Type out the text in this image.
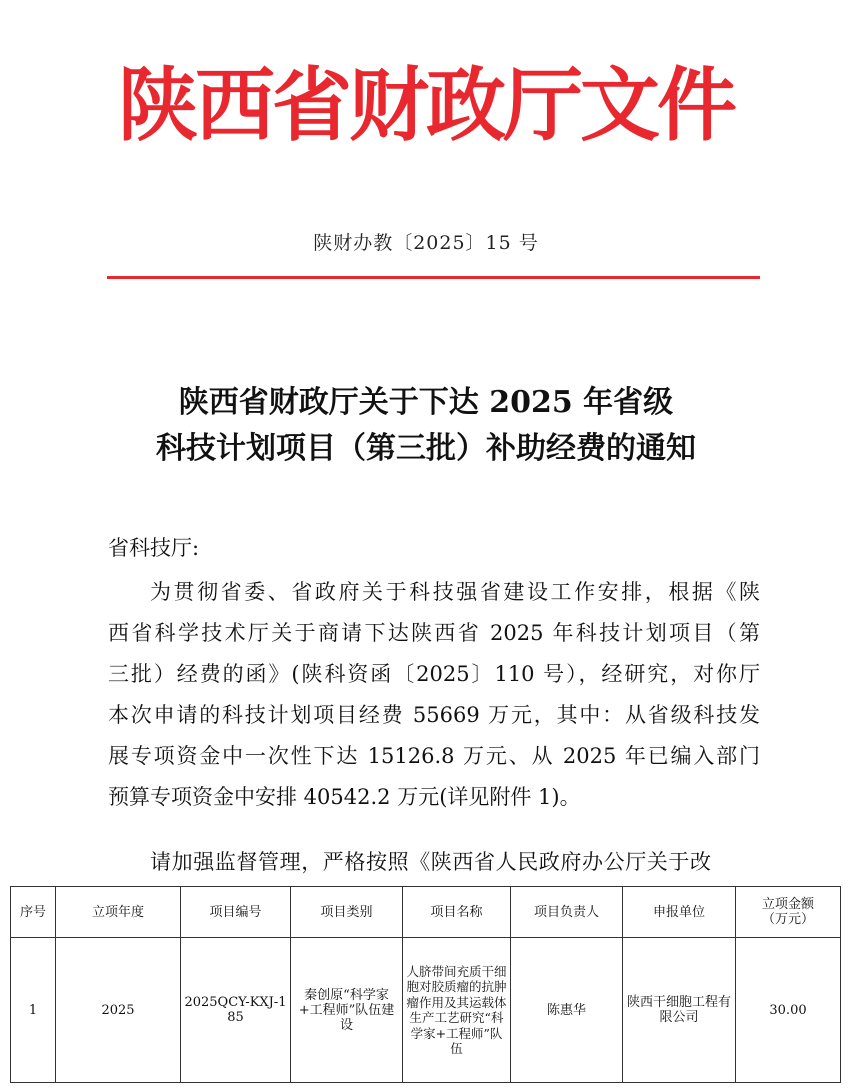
陕西省财政厅文件
陕财办教〔2025〕15 号
陕西省财政厅关于下达 2025 年省级
科技计划项目（第三批）补助经费的通知
省科技厅:
为贯彻省委、省政府关于科技强省建设工作安排，根据《陕
西省科学技术厅关于商请下达陕西省 2025 年科技计划项目（第
三批）经费的函》(陕科资函〔2025〕110 号），经研究，对你厅
本次申请的科技计划项目经费 55669 万元，其中：从省级科技发
展专项资金中一次性下达 15126.8 万元、从 2025 年已编入部门
预算专项资金中安排 40542.2 万元(详见附件 1)。
请加强监督管理，严格按照《陕西省人民政府办公厅关于改
序号	立项年度	项目编号	项目类别	项目名称	项目负责人	申报单位	立项金额
（万元）
1	2025	2025QCY-KXJ-185	秦创原“科学家+工程师”队伍建设	人脐带间充质干细胞对胶质瘤的抗肿瘤作用及其运载体生产工艺研究“科学家+工程师”队伍	陈惠华	陕西干细胞工程有限公司	30.00
